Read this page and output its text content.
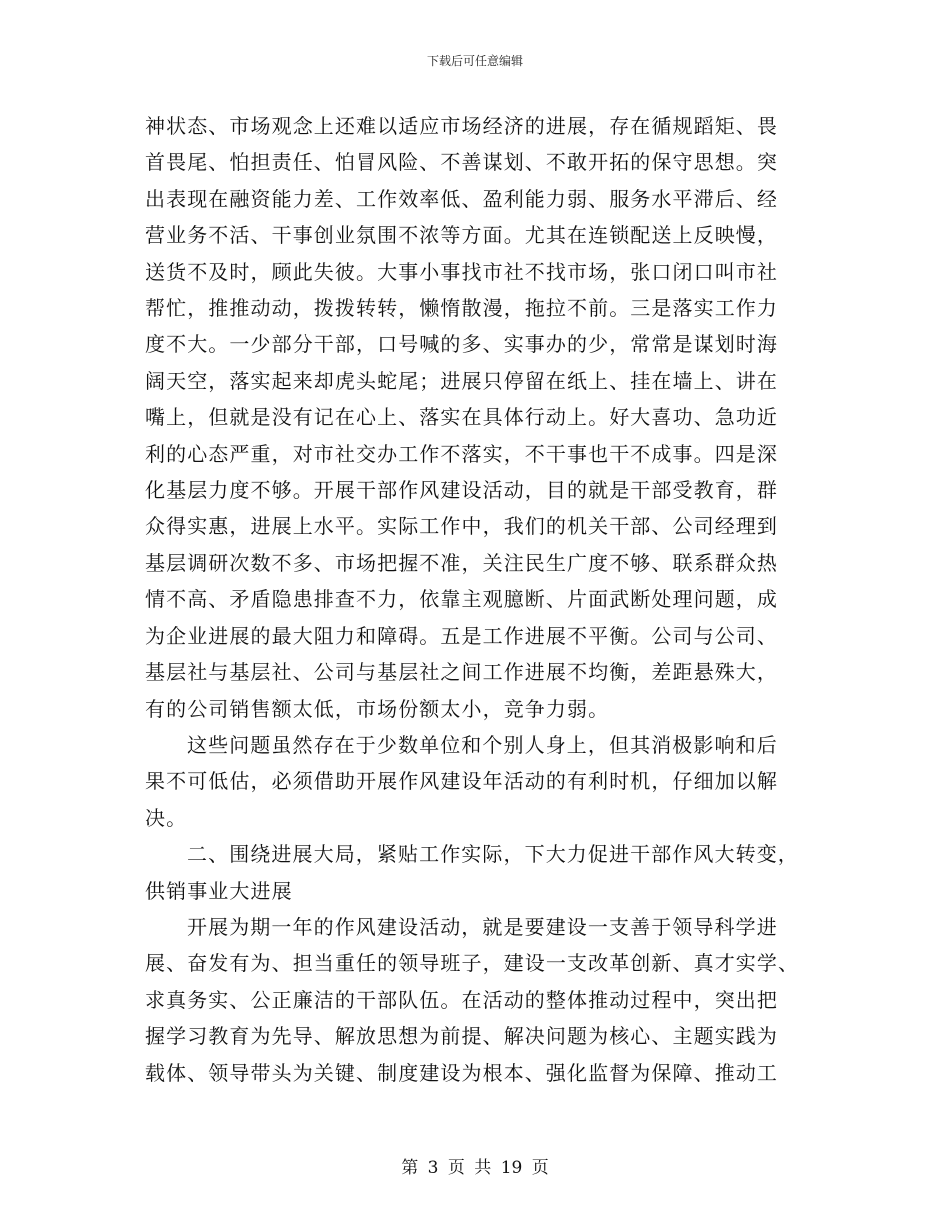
下载后可任意编辑

神状态、市场观念上还难以适应市场经济的进展，存在循规蹈矩、畏
首畏尾、怕担责任、怕冒风险、不善谋划、不敢开拓的保守思想。突
出表现在融资能力差、工作效率低、盈利能力弱、服务水平滞后、经
营业务不活、干事创业氛围不浓等方面。尤其在连锁配送上反映慢，
送货不及时，顾此失彼。大事小事找市社不找市场，张口闭口叫市社
帮忙，推推动动，拨拨转转，懒惰散漫，拖拉不前。三是落实工作力
度不大。一少部分干部，口号喊的多、实事办的少，常常是谋划时海
阔天空，落实起来却虎头蛇尾；进展只停留在纸上、挂在墙上、讲在
嘴上，但就是没有记在心上、落实在具体行动上。好大喜功、急功近
利的心态严重，对市社交办工作不落实，不干事也干不成事。四是深
化基层力度不够。开展干部作风建设活动，目的就是干部受教育，群
众得实惠，进展上水平。实际工作中，我们的机关干部、公司经理到
基层调研次数不多、市场把握不准，关注民生广度不够、联系群众热
情不高、矛盾隐患排查不力，依靠主观臆断、片面武断处理问题，成
为企业进展的最大阻力和障碍。五是工作进展不平衡。公司与公司、
基层社与基层社、公司与基层社之间工作进展不均衡，差距悬殊大，
有的公司销售额太低，市场份额太小，竞争力弱。

这些问题虽然存在于少数单位和个别人身上，但其消极影响和后
果不可低估，必须借助开展作风建设年活动的有利时机，仔细加以解
决。

二、围绕进展大局，紧贴工作实际，下大力促进干部作风大转变，
供销事业大进展

开展为期一年的作风建设活动，就是要建设一支善于领导科学进
展、奋发有为、担当重任的领导班子，建设一支改革创新、真才实学、
求真务实、公正廉洁的干部队伍。在活动的整体推动过程中，突出把
握学习教育为先导、解放思想为前提、解决问题为核心、主题实践为
载体、领导带头为关键、制度建设为根本、强化监督为保障、推动工

第 3 页 共 19 页
